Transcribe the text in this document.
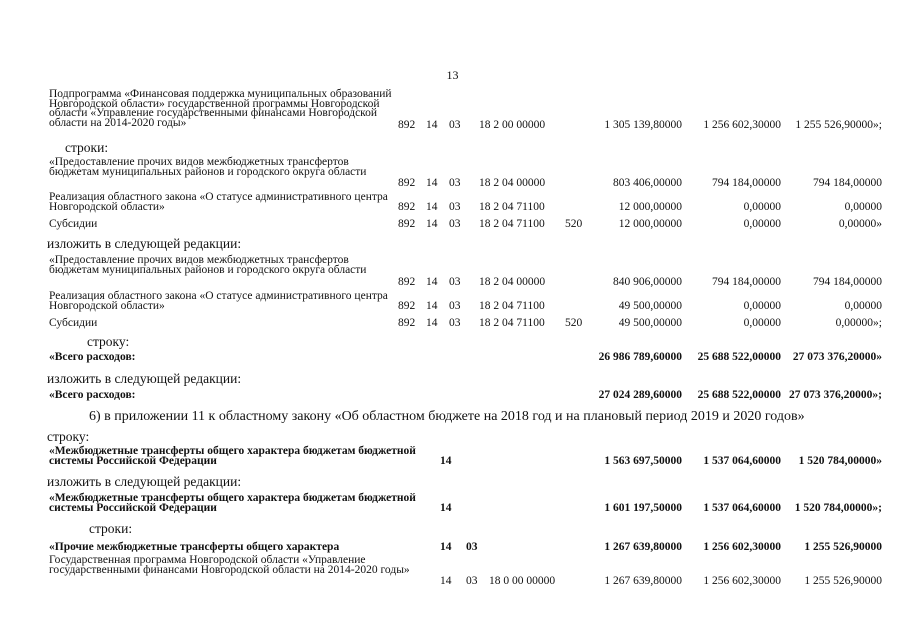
13
Подпрограмма «Финансовая поддержка муниципальных образований Новгородской области» государственной программы Новгородской области «Управление государственными финансами Новгородской области на 2014-2020 годы»	892 14 03 18 2 00 00000	1 305 139,80000 1 256 602,30000 1 255 526,90000»;
строки:
«Предоставление прочих видов межбюджетных трансфертов бюджетам муниципальных районов и городского округа области
892 14 03 18 2 04 00000	803 406,00000	794 184,00000	794 184,00000
Реализация областного закона «О статусе административного центра Новгородской области»	892 14 03 18 2 04 71100	12 000,00000	0,00000	0,00000
Субсидии	892 14 03 18 2 04 71100 520	12 000,00000	0,00000	0,00000»
изложить в следующей редакции:
«Предоставление прочих видов межбюджетных трансфертов бюджетам муниципальных районов и городского округа области
892 14 03 18 2 04 00000	840 906,00000	794 184,00000	794 184,00000
Реализация областного закона «О статусе административного центра Новгородской области»	892 14 03 18 2 04 71100	49 500,00000	0,00000	0,00000
Субсидии	892 14 03 18 2 04 71100 520	49 500,00000	0,00000	0,00000»;
строку:
«Всего расходов:	26 986 789,60000 25 688 522,00000 27 073 376,20000»
изложить в следующей редакции:
«Всего расходов:	27 024 289,60000 25 688 522,00000 27 073 376,20000»;
6) в приложении 11 к областному закону «Об областном бюджете на 2018 год и на плановый период 2019 и 2020 годов»
строку:
«Межбюджетные трансферты общего характера бюджетам бюджетной системы Российской Федерации	14	1 563 697,50000 1 537 064,60000 1 520 784,00000»
изложить в следующей редакции:
«Межбюджетные трансферты общего характера бюджетам бюджетной системы Российской Федерации	14	1 601 197,50000 1 537 064,60000 1 520 784,00000»;
строки:
«Прочие межбюджетные трансферты общего характера	14 03	1 267 639,80000 1 256 602,30000 1 255 526,90000
Государственная программа Новгородской области «Управление государственными финансами Новгородской области на 2014-2020 годы»
14 03 18 0 00 00000	1 267 639,80000 1 256 602,30000 1 255 526,90000
